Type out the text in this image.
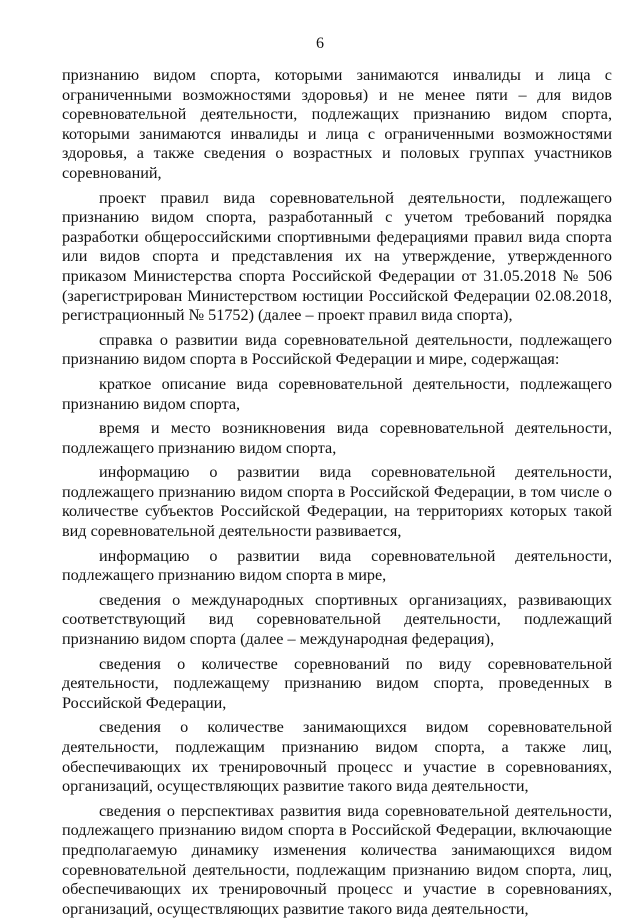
6

признанию видом спорта, которыми занимаются инвалиды и лица с ограниченными возможностями здоровья) и не менее пяти – для видов соревновательной деятельности, подлежащих признанию видом спорта, которыми занимаются инвалиды и лица с ограниченными возможностями здоровья, а также сведения о возрастных и половых группах участников соревнований,

проект правил вида соревновательной деятельности, подлежащего признанию видом спорта, разработанный с учетом требований порядка разработки общероссийскими спортивными федерациями правил вида спорта или видов спорта и представления их на утверждение, утвержденного приказом Министерства спорта Российской Федерации от 31.05.2018 № 506 (зарегистрирован Министерством юстиции Российской Федерации 02.08.2018, регистрационный № 51752) (далее – проект правил вида спорта),

справка о развитии вида соревновательной деятельности, подлежащего признанию видом спорта в Российской Федерации и мире, содержащая:

краткое описание вида соревновательной деятельности, подлежащего признанию видом спорта,

время и место возникновения вида соревновательной деятельности, подлежащего признанию видом спорта,

информацию о развитии вида соревновательной деятельности, подлежащего признанию видом спорта в Российской Федерации, в том числе о количестве субъектов Российской Федерации, на территориях которых такой вид соревновательной деятельности развивается,

информацию о развитии вида соревновательной деятельности, подлежащего признанию видом спорта в мире,

сведения о международных спортивных организациях, развивающих соответствующий вид соревновательной деятельности, подлежащий признанию видом спорта (далее – международная федерация),

сведения о количестве соревнований по виду соревновательной деятельности, подлежащему признанию видом спорта, проведенных в Российской Федерации,

сведения о количестве занимающихся видом соревновательной деятельности, подлежащим признанию видом спорта, а также лиц, обеспечивающих их тренировочный процесс и участие в соревнованиях, организаций, осуществляющих развитие такого вида деятельности,

сведения о перспективах развития вида соревновательной деятельности, подлежащего признанию видом спорта в Российской Федерации, включающие предполагаемую динамику изменения количества занимающихся видом соревновательной деятельности, подлежащим признанию видом спорта, лиц, обеспечивающих их тренировочный процесс и участие в соревнованиях, организаций, осуществляющих развитие такого вида деятельности,
